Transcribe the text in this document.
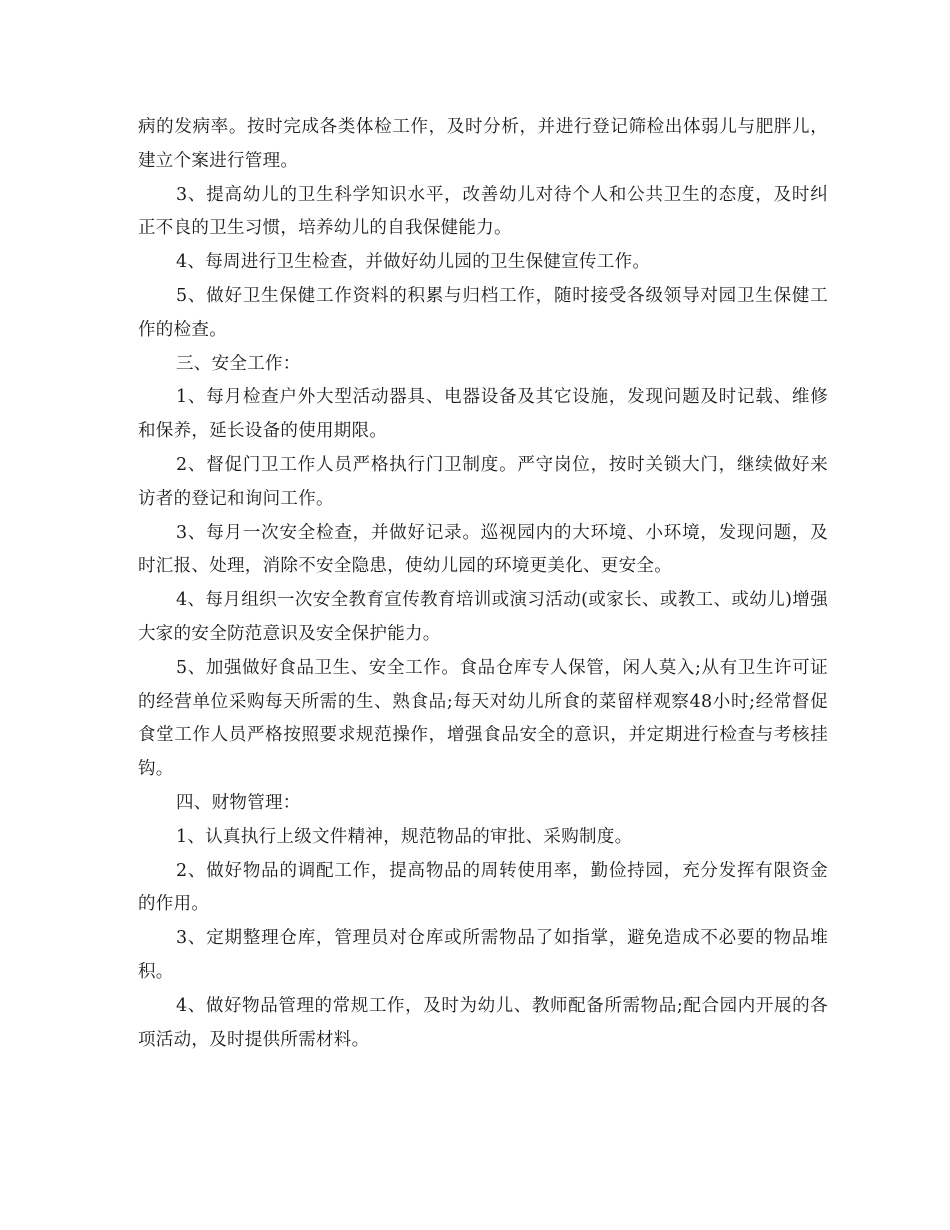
病的发病率。按时完成各类体检工作，及时分析，并进行登记筛检出体弱儿与肥胖儿，建立个案进行管理。

3、提高幼儿的卫生科学知识水平，改善幼儿对待个人和公共卫生的态度，及时纠正不良的卫生习惯，培养幼儿的自我保健能力。

4、每周进行卫生检查，并做好幼儿园的卫生保健宣传工作。

5、做好卫生保健工作资料的积累与归档工作，随时接受各级领导对园卫生保健工作的检查。

三、安全工作：

1、每月检查户外大型活动器具、电器设备及其它设施，发现问题及时记载、维修和保养，延长设备的使用期限。

2、督促门卫工作人员严格执行门卫制度。严守岗位，按时关锁大门，继续做好来访者的登记和询问工作。

3、每月一次安全检查，并做好记录。巡视园内的大环境、小环境，发现问题，及时汇报、处理，消除不安全隐患，使幼儿园的环境更美化、更安全。

4、每月组织一次安全教育宣传教育培训或演习活动(或家长、或教工、或幼儿)增强大家的安全防范意识及安全保护能力。

5、加强做好食品卫生、安全工作。食品仓库专人保管，闲人莫入;从有卫生许可证的经营单位采购每天所需的生、熟食品;每天对幼儿所食的菜留样观察48小时;经常督促食堂工作人员严格按照要求规范操作，增强食品安全的意识，并定期进行检查与考核挂钩。

四、财物管理：

1、认真执行上级文件精神，规范物品的审批、采购制度。

2、做好物品的调配工作，提高物品的周转使用率，勤俭持园，充分发挥有限资金的作用。

3、定期整理仓库，管理员对仓库或所需物品了如指掌，避免造成不必要的物品堆积。

4、做好物品管理的常规工作，及时为幼儿、教师配备所需物品;配合园内开展的各项活动，及时提供所需材料。
